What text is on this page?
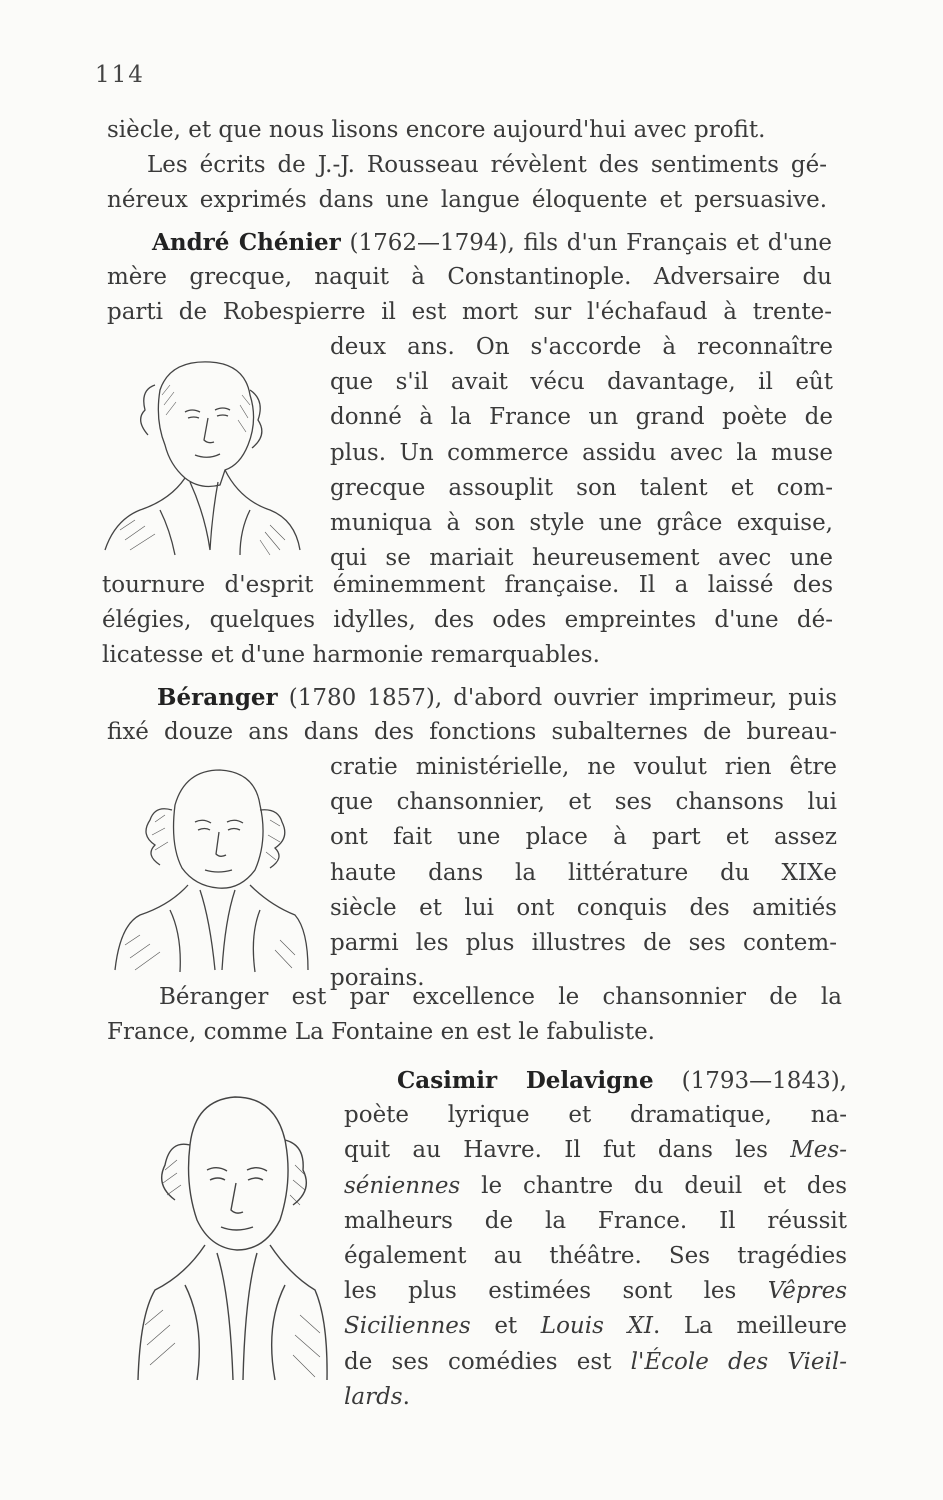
114
siècle, et que nous lisons encore aujourd'hui avec profit.
Les écrits de J.-J. Rousseau révèlent des sentiments gé-
néreux exprimés dans une langue éloquente et persuasive.
André Chénier (1762—1794), fils d'un Français et d'une
mère grecque, naquit à Constantinople. Adversaire du
parti de Robespierre il est mort sur l'échafaud à trente-
deux ans. On s'accorde à reconnaître
que s'il avait vécu davantage, il eût
donné à la France un grand poète de
plus. Un commerce assidu avec la muse
grecque assouplit son talent et com-
muniqua à son style une grâce exquise,
qui se mariait heureusement avec une
tournure d'esprit éminemment française. Il a laissé des
élégies, quelques idylles, des odes empreintes d'une dé-
licatesse et d'une harmonie remarquables.
Béranger (1780 1857), d'abord ouvrier imprimeur, puis
fixé douze ans dans des fonctions subalternes de bureau-
cratie ministérielle, ne voulut rien être
que chansonnier, et ses chansons lui
ont fait une place à part et assez
haute dans la littérature du XIXe
siècle et lui ont conquis des amitiés
parmi les plus illustres de ses contem-
porains.
Béranger est par excellence le chansonnier de la
France, comme La Fontaine en est le fabuliste.
Casimir Delavigne (1793—1843),
poète lyrique et dramatique, na-
quit au Havre. Il fut dans les Mes-
séniennes le chantre du deuil et des
malheurs de la France. Il réussit
également au théâtre. Ses tragédies
les plus estimées sont les Vêpres
Siciliennes et Louis XI. La meilleure
de ses comédies est l'École des Vieil-
lards.
